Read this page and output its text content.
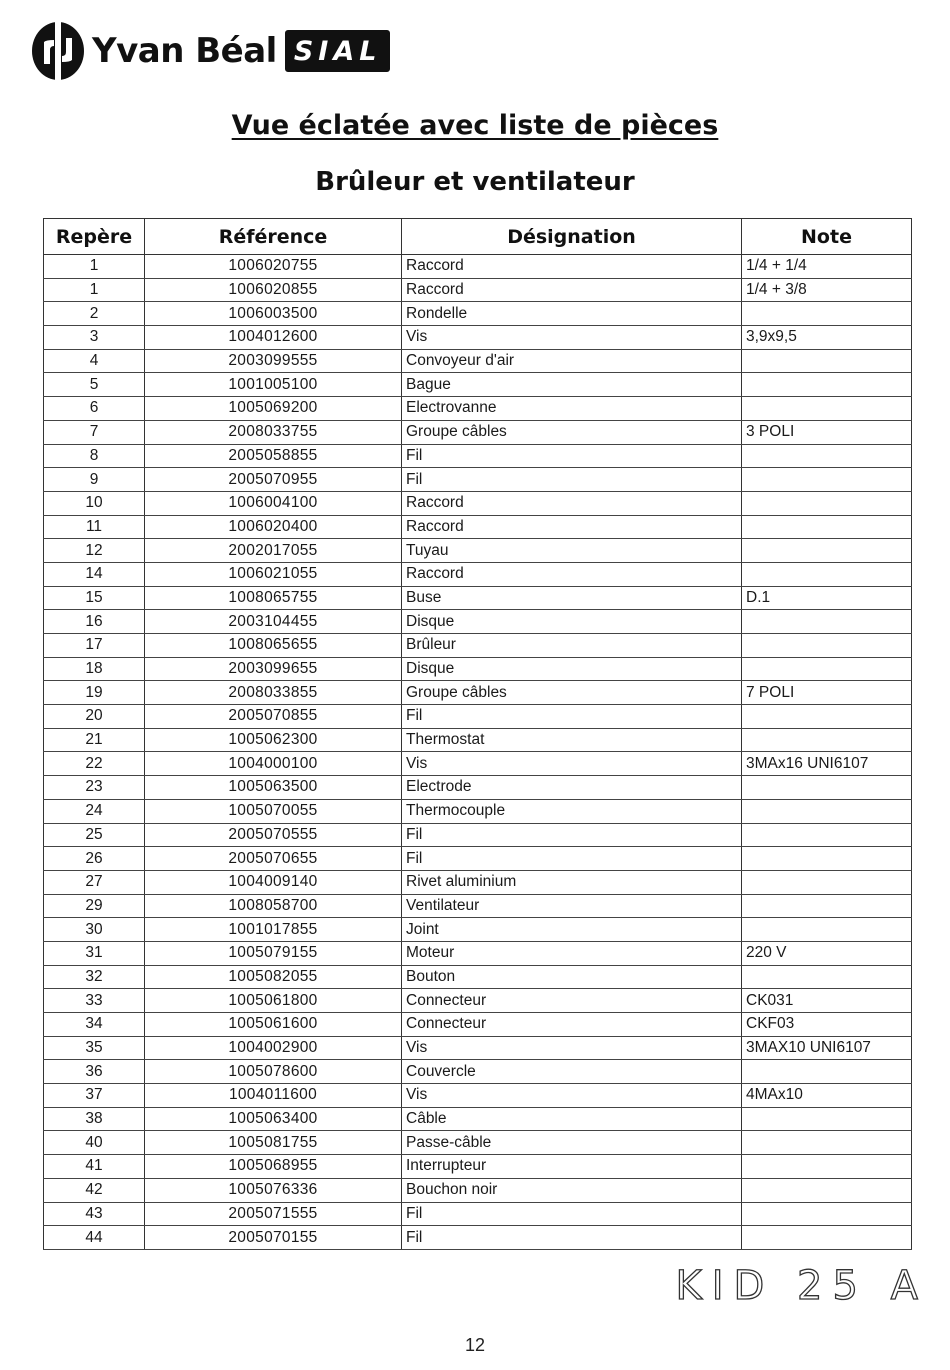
Yvan Béal SIAL
Vue éclatée avec liste de pièces
Brûleur et ventilateur
Repère	Référence	Désignation	Note
1	1006020755	Raccord	1/4 + 1/4
1	1006020855	Raccord	1/4 + 3/8
2	1006003500	Rondelle	
3	1004012600	Vis	3,9x9,5
4	2003099555	Convoyeur d'air	
5	1001005100	Bague	
6	1005069200	Electrovanne	
7	2008033755	Groupe câbles	3 POLI
8	2005058855	Fil	
9	2005070955	Fil	
10	1006004100	Raccord	
11	1006020400	Raccord	
12	2002017055	Tuyau	
14	1006021055	Raccord	
15	1008065755	Buse	D.1
16	2003104455	Disque	
17	1008065655	Brûleur	
18	2003099655	Disque	
19	2008033855	Groupe câbles	7 POLI
20	2005070855	Fil	
21	1005062300	Thermostat	
22	1004000100	Vis	3MAx16 UNI6107
23	1005063500	Electrode	
24	1005070055	Thermocouple	
25	2005070555	Fil	
26	2005070655	Fil	
27	1004009140	Rivet aluminium	
29	1008058700	Ventilateur	
30	1001017855	Joint	
31	1005079155	Moteur	220 V
32	1005082055	Bouton	
33	1005061800	Connecteur	CK031
34	1005061600	Connecteur	CKF03
35	1004002900	Vis	3MAX10 UNI6107
36	1005078600	Couvercle	
37	1004011600	Vis	4MAx10
38	1005063400	Câble	
40	1005081755	Passe-câble	
41	1005068955	Interrupteur	
42	1005076336	Bouchon noir	
43	2005071555	Fil	
44	2005070155	Fil	
KID 25 A
12
